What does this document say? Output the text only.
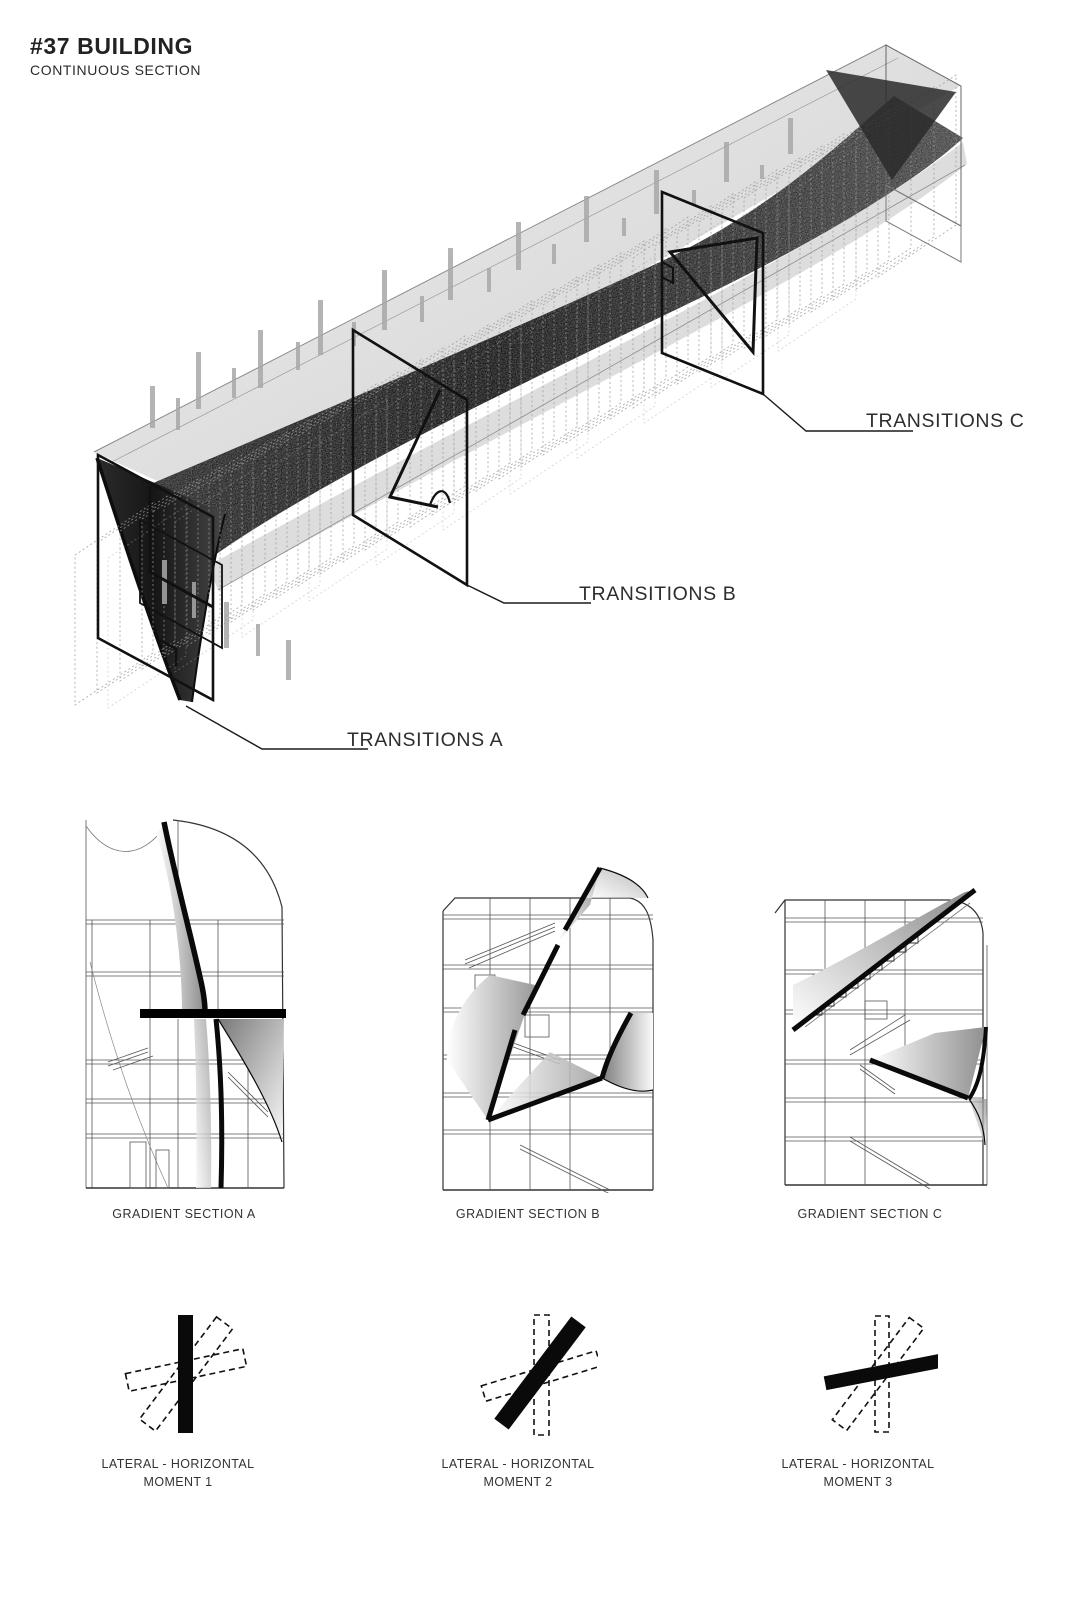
#37 BUILDING
CONTINUOUS SECTION
TRANSITIONS A
TRANSITIONS B
TRANSITIONS C
GRADIENT SECTION A	GRADIENT SECTION B	GRADIENT SECTION C
LATERAL - HORIZONTAL
MOMENT 1
LATERAL - HORIZONTAL
MOMENT 2
LATERAL - HORIZONTAL
MOMENT 3
